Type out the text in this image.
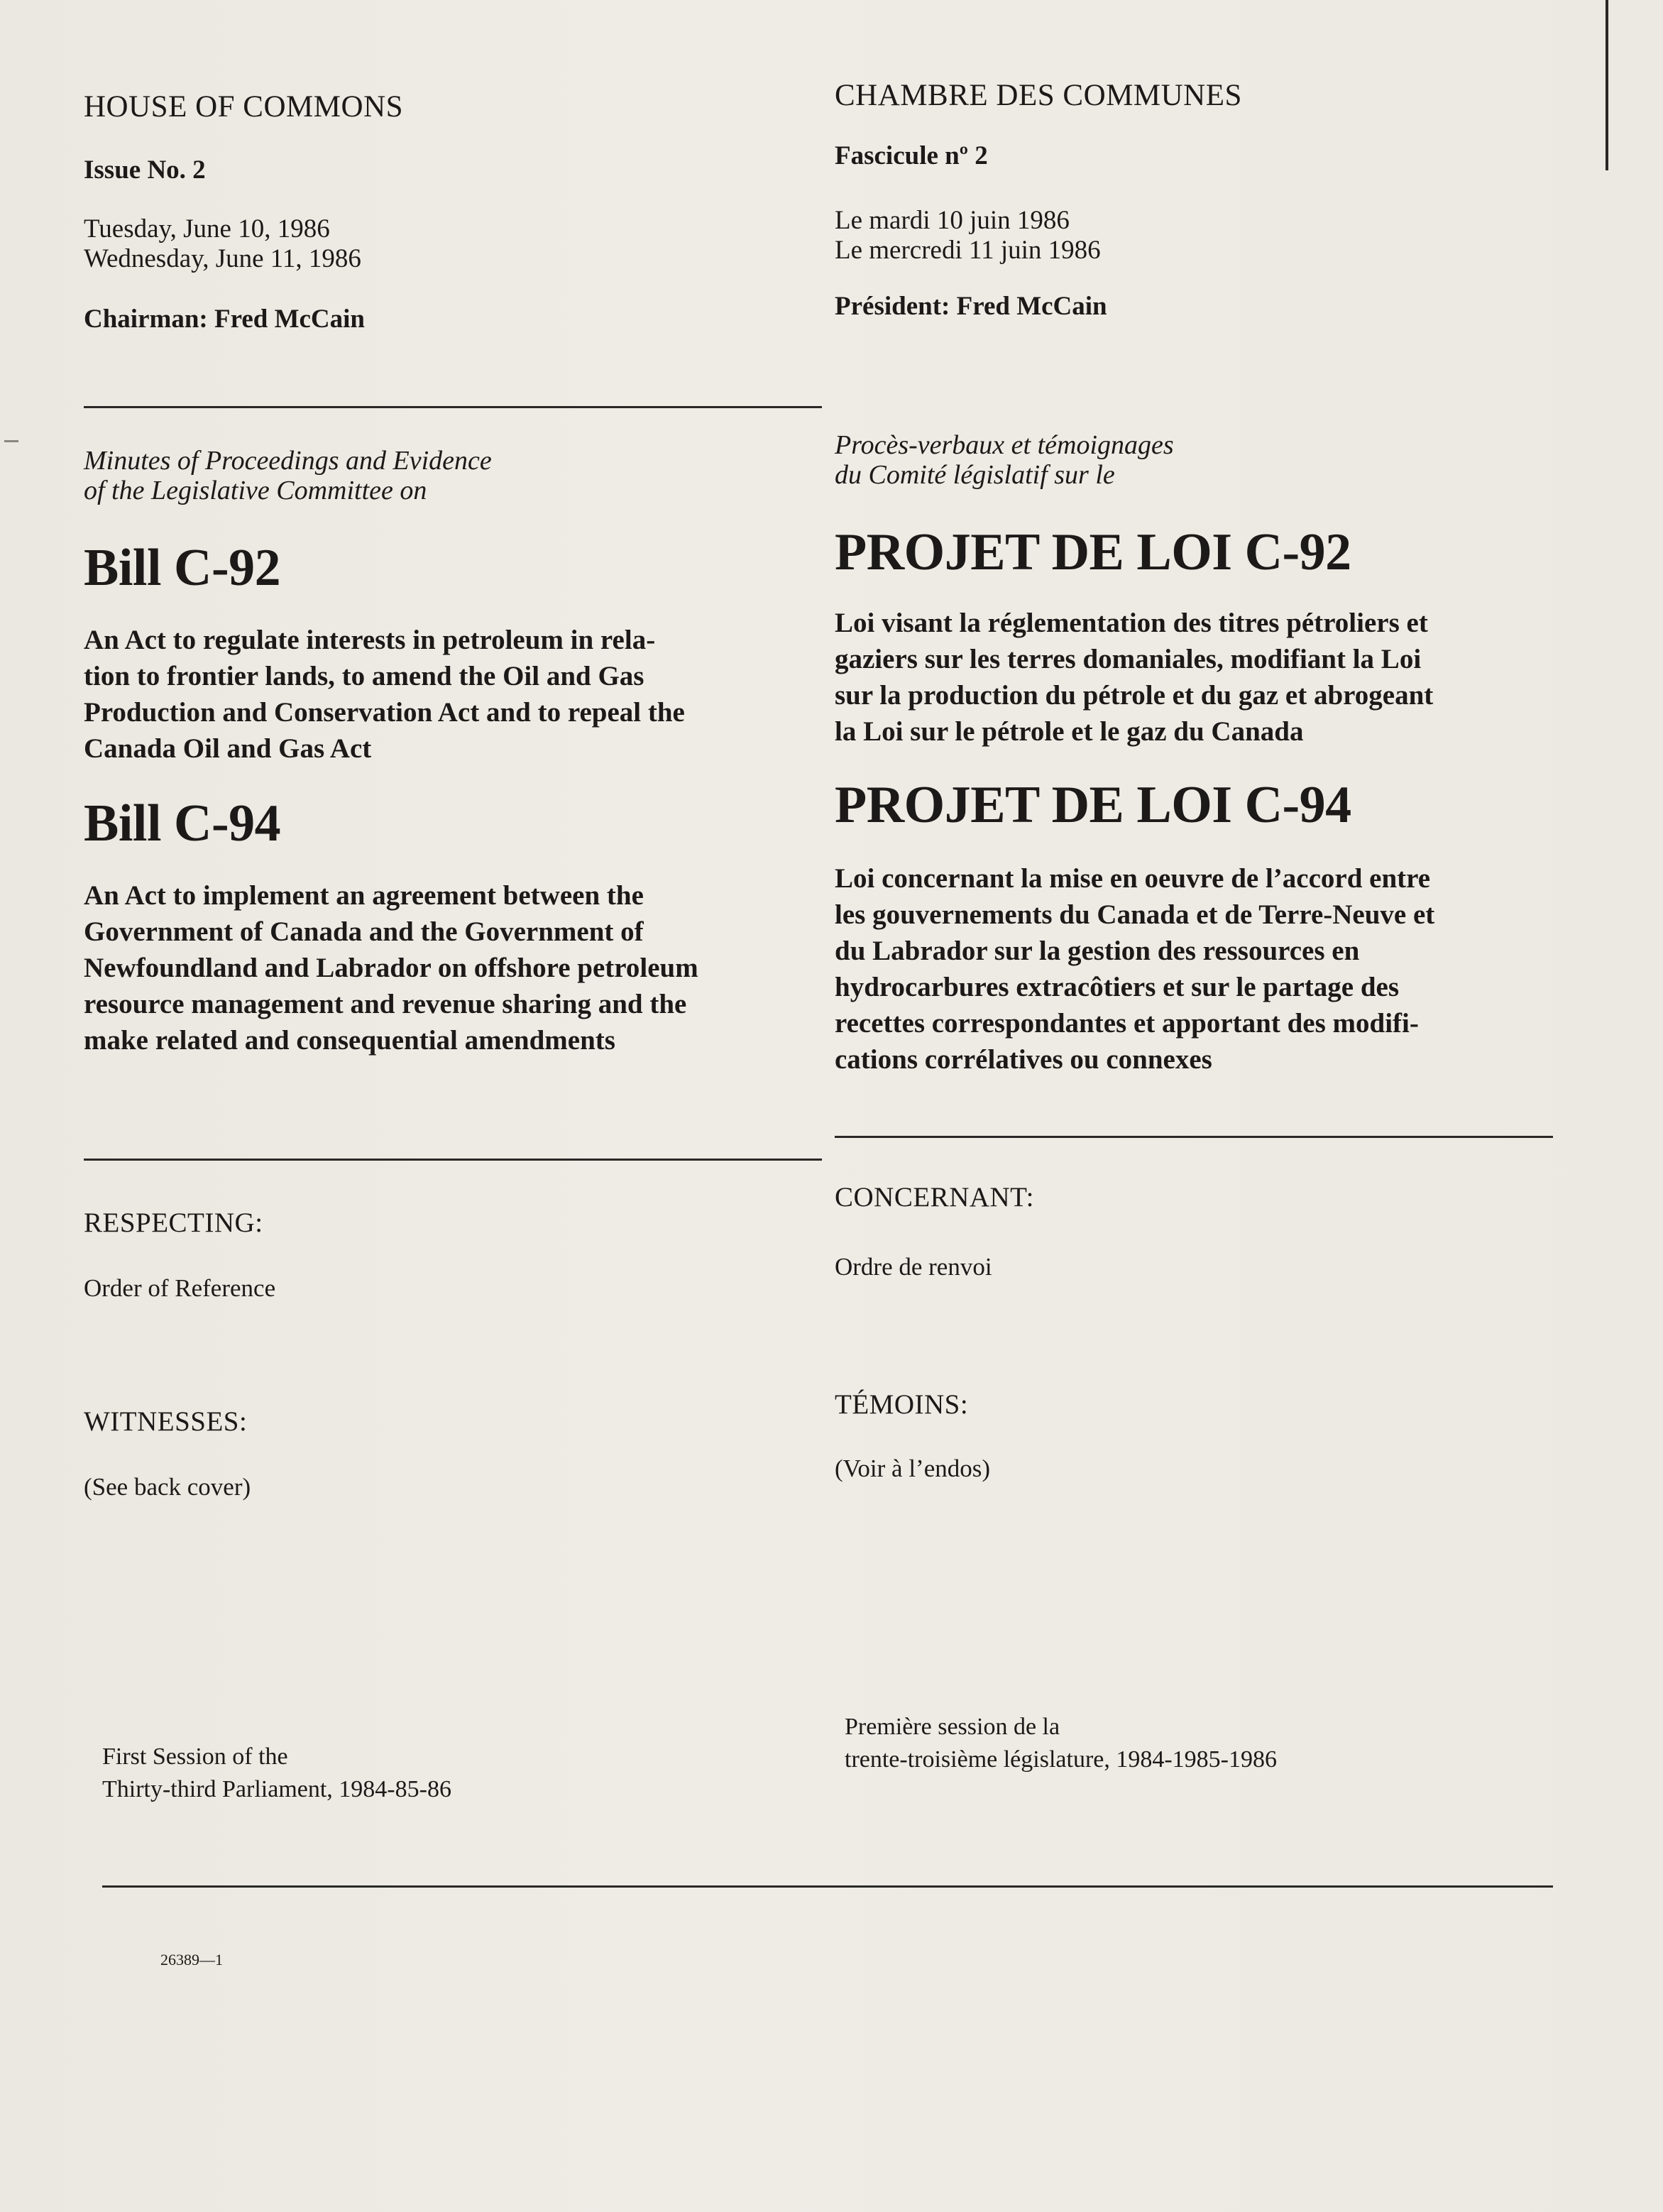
HOUSE OF COMMONS
Issue No. 2
Tuesday, June 10, 1986
Wednesday, June 11, 1986
Chairman: Fred McCain
Minutes of Proceedings and Evidence
of the Legislative Committee on
Bill C-92
An Act to regulate interests in petroleum in rela-
tion to frontier lands, to amend the Oil and Gas
Production and Conservation Act and to repeal the
Canada Oil and Gas Act
Bill C-94
An Act to implement an agreement between the
Government of Canada and the Government of
Newfoundland and Labrador on offshore petroleum
resource management and revenue sharing and the
make related and consequential amendments
RESPECTING:
Order of Reference
WITNESSES:
(See back cover)
First Session of the
Thirty-third Parliament, 1984-85-86
CHAMBRE DES COMMUNES
Fascicule nº 2
Le mardi 10 juin 1986
Le mercredi 11 juin 1986
Président: Fred McCain
Procès-verbaux et témoignages
du Comité législatif sur le
PROJET DE LOI C-92
Loi visant la réglementation des titres pétroliers et
gaziers sur les terres domaniales, modifiant la Loi
sur la production du pétrole et du gaz et abrogeant
la Loi sur le pétrole et le gaz du Canada
PROJET DE LOI C-94
Loi concernant la mise en oeuvre de l’accord entre
les gouvernements du Canada et de Terre-Neuve et
du Labrador sur la gestion des ressources en
hydrocarbures extracôtiers et sur le partage des
recettes correspondantes et apportant des modifi-
cations corrélatives ou connexes
CONCERNANT:
Ordre de renvoi
TÉMOINS:
(Voir à l’endos)
Première session de la
trente-troisième législature, 1984-1985-1986
26389—1
